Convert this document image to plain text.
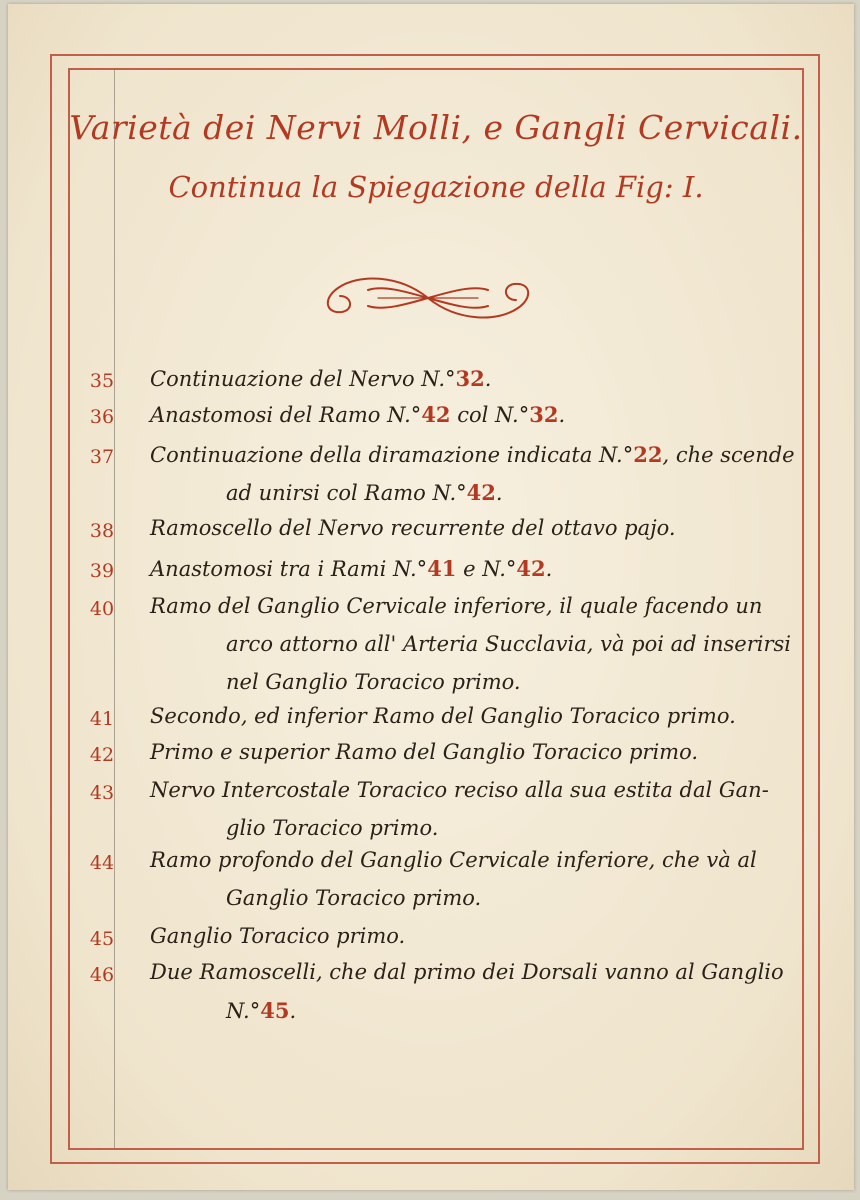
Varietà dei Nervi Molli, e Gangli Cervicali.
Continua la Spiegazione della Fig: I.
35	Continuazione del Nervo N.°32.
36	Anastomosi del Ramo N.°42 col N.°32.
37	Continuazione della diramazione indicata N.°22, che scende
ad unirsi col Ramo N.°42.
38	Ramoscello del Nervo recurrente del ottavo pajo.
39	Anastomosi tra i Rami N.°41 e N.°42.
40	Ramo del Ganglio Cervicale inferiore, il quale facendo un
arco attorno all' Arteria Succlavia, và poi ad inserirsi
nel Ganglio Toracico primo.
41	Secondo, ed inferior Ramo del Ganglio Toracico primo.
42	Primo e superior Ramo del Ganglio Toracico primo.
43	Nervo Intercostale Toracico reciso alla sua estita dal Gan-
glio Toracico primo.
44	Ramo profondo del Ganglio Cervicale inferiore, che và al
Ganglio Toracico primo.
45	Ganglio Toracico primo.
46	Due Ramoscelli, che dal primo dei Dorsali vanno al Ganglio
N.°45.
